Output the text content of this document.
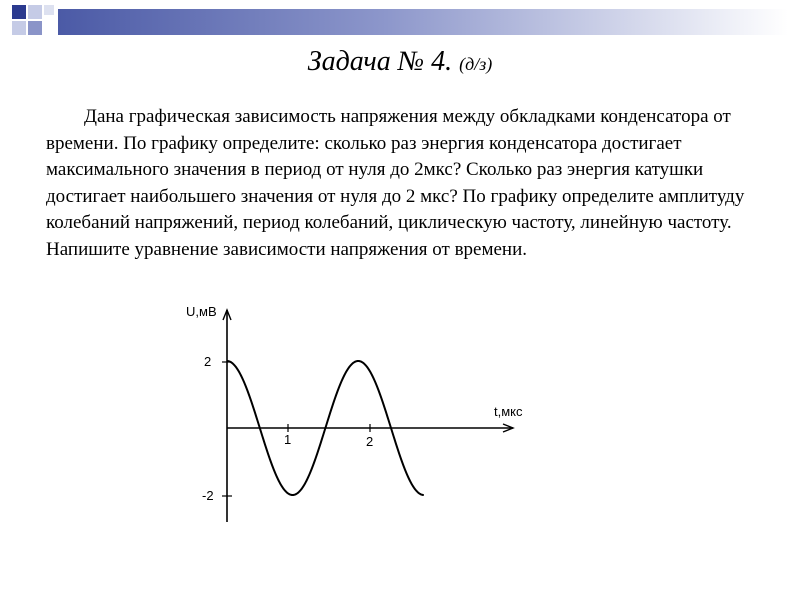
Задача № 4. (д/з)
Дана графическая зависимость напряжения между обкладками конденсатора от времени. По графику определите: сколько раз энергия конденсатора достигает максимального значения в период от нуля до 2мкс? Сколько раз энергия катушки достигает наибольшего значения от нуля до 2 мкс? По графику определите амплитуду колебаний напряжений, период колебаний, циклическую частоту, линейную частоту. Напишите уравнение зависимости напряжения от времени.
U,мВ
t,мкс
2
-2
1	2
